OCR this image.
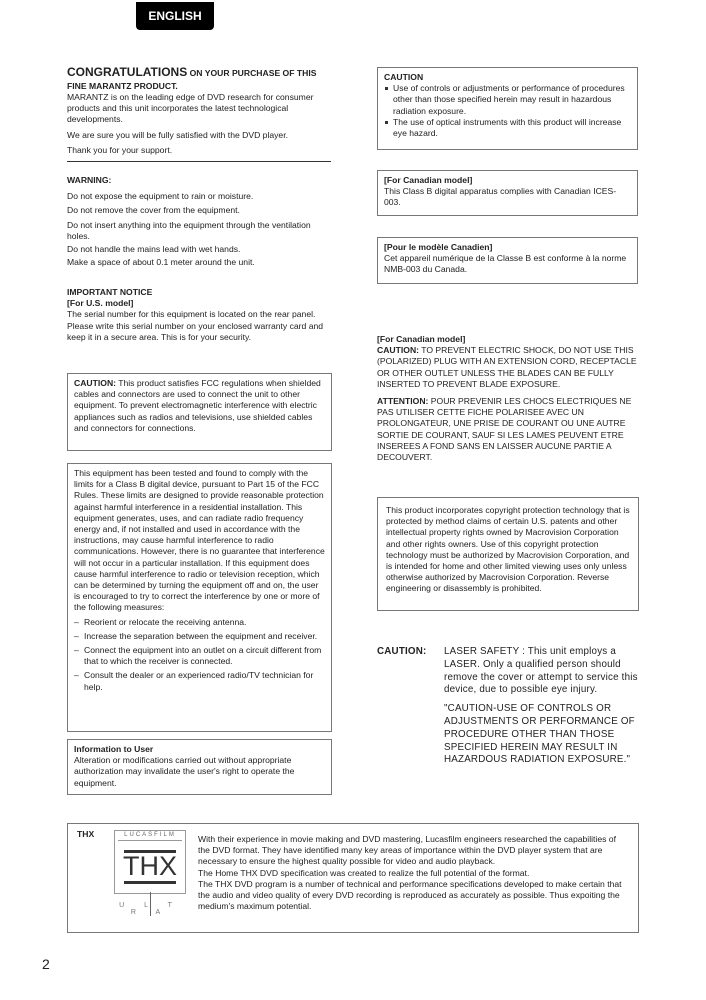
ENGLISH
CONGRATULATIONS ON YOUR PURCHASE OF THIS
FINE MARANTZ PRODUCT.

MARANTZ is on the leading edge of DVD research for consumer products and this unit incorporates the latest technological developments.

We are sure you will be fully satisfied with the DVD player.

Thank you for your support.

WARNING:

Do not expose the equipment to rain or moisture.

Do not remove the cover from the equipment.

Do not insert anything into the equipment through the ventilation holes.

Do not handle the mains lead with wet hands.

Make a space of about 0.1 meter around the unit.

IMPORTANT NOTICE

[For U.S. model]

The serial number for this equipment is located on the rear panel. Please write this serial number on your enclosed warranty card and keep it in a secure area. This is for your security.

CAUTION: This product satisfies FCC regulations when shielded cables and connectors are used to connect the unit to other equipment. To prevent electromagnetic interference with electric appliances such as radios and televisions, use shielded cables and connectors for connections.

This equipment has been tested and found to comply with the limits for a Class B digital device, pursuant to Part 15 of the FCC Rules. These limits are designed to provide reasonable protection against harmful interference in a residential installation. This equipment generates, uses, and can radiate radio frequency energy and, if not installed and used in accordance with the instructions, may cause harmful interference to radio communications. However, there is no guarantee that interference will not occur in a particular installation. If this equipment does cause harmful interference to radio or television reception, which can be determined by turning the equipment off and on, the user is encouraged to try to correct the interference by one or more of the following measures:

– Reorient or relocate the receiving antenna.
– Increase the separation between the equipment and receiver.
– Connect the equipment into an outlet on a circuit different from that to which the receiver is connected.
– Consult the dealer or an experienced radio/TV technician for help.

Information to User

Alteration or modifications carried out without appropriate authorization may invalidate the user's right to operate the equipment.

CAUTION

Use of controls or adjustments or performance of procedures other than those specified herein may result in hazardous radiation exposure.
The use of optical instruments with this product will increase eye hazard.

[For Canadian model]

This Class B digital apparatus complies with Canadian ICES-003.

[Pour le modèle Canadien]

Cet appareil numérique de la Classe B est conforme à la norme NMB-003 du Canada.

[For Canadian model]

CAUTION: TO PREVENT ELECTRIC SHOCK, DO NOT USE THIS (POLARIZED) PLUG WITH AN EXTENSION CORD, RECEPTACLE OR OTHER OUTLET UNLESS THE BLADES CAN BE FULLY INSERTED TO PREVENT BLADE EXPOSURE.

ATTENTION: POUR PREVENIR LES CHOCS ELECTRIQUES NE PAS UTILISER CETTE FICHE POLARISEE AVEC UN PROLONGATEUR, UNE PRISE DE COURANT OU UNE AUTRE SORTIE DE COURANT, SAUF SI LES LAMES PEUVENT ETRE INSEREES A FOND SANS EN LAISSER AUCUNE PARTIE A DECOUVERT.

This product incorporates copyright protection technology that is protected by method claims of certain U.S. patents and other intellectual property rights owned by Macrovision Corporation and other rights owners. Use of this copyright protection technology must be authorized by Macrovision Corporation, and is intended for home and other limited viewing uses only unless otherwise authorized by Macrovision Corporation. Reverse engineering or disassembly is prohibited.

CAUTION: LASER SAFETY : This unit employs a LASER. Only a qualified person should remove the cover or attempt to service this device, due to possible eye injury.

"CAUTION-USE OF CONTROLS OR ADJUSTMENTS OR PERFORMANCE OF PROCEDURE OTHER THAN THOSE SPECIFIED HEREIN MAY RESULT IN HAZARDOUS RADIATION EXPOSURE."

THX	LUCASFILM
THX
U L T R A

With their experience in movie making and DVD mastering, Lucasfilm engineers researched the capabilities of the DVD format. They have identified many key areas of importance within the DVD player system that are necessary to ensure the highest quality possible for video and audio playback.

The Home THX DVD specification was created to realize the full potential of the format.

The THX DVD program is a number of technical and performance specifications developed to make certain that the audio and video quality of every DVD recording is reproduced as accurately as possible. Thus expoiting the medium's maximum potential.

2
